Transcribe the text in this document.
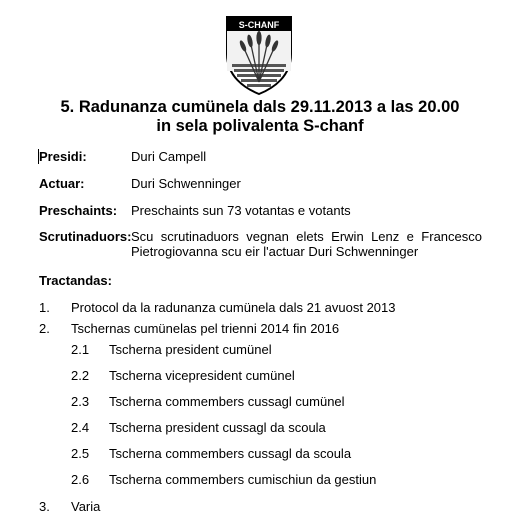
S-CHANF
5. Radunanza cumünela dals 29.11.2013 a las 20.00
in sela polivalenta S-chanf
Presidi:	Duri Campell
Actuar:	Duri Schwenninger
Preschaints: Preschaints sun 73 votantas e votants
Scrutinaduors: Scu scrutinaduors vegnan elets Erwin Lenz e Francesco Pietrogiovanna scu eir l'actuar Duri Schwenninger
Tractandas:
1. Protocol da la radunanza cumünela dals 21 avuost 2013
2. Tschernas cumünelas pel trienni 2014 fin 2016
2.1 Tscherna president cumünel
2.2 Tscherna vicepresident cumünel
2.3 Tscherna commembers cussagl cumünel
2.4 Tscherna president cussagl da scoula
2.5 Tscherna commembers cussagl da scoula
2.6 Tscherna commembers cumischiun da gestiun
3. Varia
